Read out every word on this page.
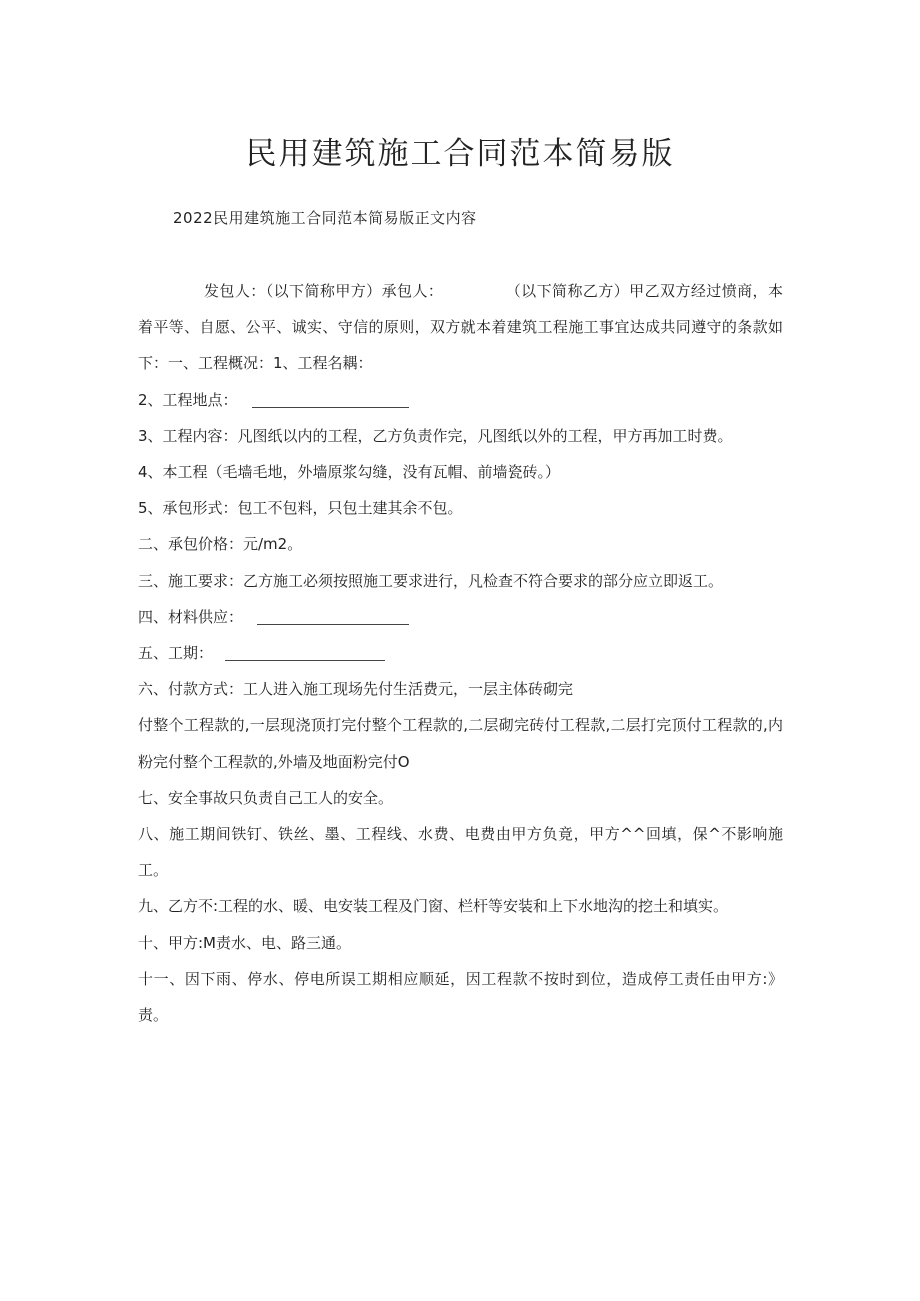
民用建筑施工合同范本简易版
2022民用建筑施工合同范本简易版正文内容

发包人：（以下简称甲方）承包人：	（以下简称乙方）甲乙双方经过愤商，本着平等、自愿、公平、诚实、守信的原则，双方就本着建筑工程施工事宜达成共同遵守的条款如下：一、工程概况：1、工程名耦：

2、工程地点：

3、工程内容：凡图纸以内的工程，乙方负责作完，凡图纸以外的工程，甲方再加工时费。

4、本工程（毛墙毛地，外墙原浆勾缝，没有瓦帽、前墙瓷砖。）

5、承包形式：包工不包料，只包土建其余不包。

二、承包价格：元/m2。

三、施工要求：乙方施工必须按照施工要求进行，凡检查不符合要求的部分应立即返工。

四、材料供应：

五、工期：

六、付款方式：工人进入施工现场先付生活费元，一层主体砖砌完

付整个工程款的,一层现浇顶打完付整个工程款的,二层砌完砖付工程款,二层打完顶付工程款的,内粉完付整个工程款的,外墙及地面粉完付O

七、安全事故只负责自己工人的安全。

八、施工期间铁钉、铁丝、墨、工程线、水费、电费由甲方负竟，甲方^^回填，保^不影响施工。

九、乙方不:工程的水、暖、电安装工程及门窗、栏杆等安装和上下水地沟的挖土和填实。

十、甲方:M责水、电、路三通。

十一、因下雨、停水、停电所误工期相应顺延，因工程款不按时到位，造成停工责任由甲方:》责。
